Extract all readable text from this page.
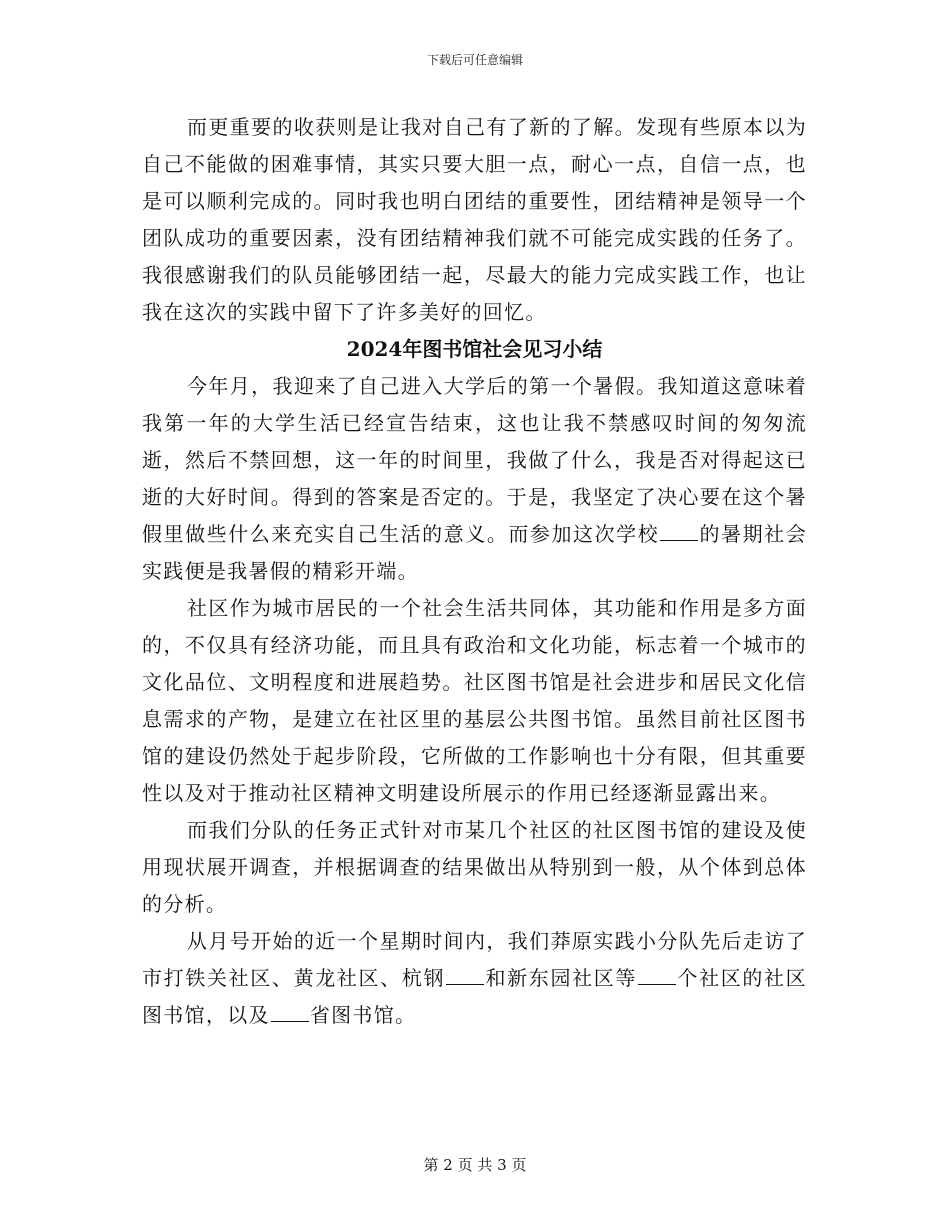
下载后可任意编辑

而更重要的收获则是让我对自己有了新的了解。发现有些原本以为自己不能做的困难事情，其实只要大胆一点，耐心一点，自信一点，也是可以顺利完成的。同时我也明白团结的重要性，团结精神是领导一个团队成功的重要因素，没有团结精神我们就不可能完成实践的任务了。我很感谢我们的队员能够团结一起，尽最大的能力完成实践工作，也让我在这次的实践中留下了许多美好的回忆。

2024年图书馆社会见习小结

今年月，我迎来了自己进入大学后的第一个暑假。我知道这意味着我第一年的大学生活已经宣告结束，这也让我不禁感叹时间的匆匆流逝，然后不禁回想，这一年的时间里，我做了什么，我是否对得起这已逝的大好时间。得到的答案是否定的。于是，我坚定了决心要在这个暑假里做些什么来充实自己生活的意义。而参加这次学校 的暑期社会实践便是我暑假的精彩开端。

社区作为城市居民的一个社会生活共同体，其功能和作用是多方面的，不仅具有经济功能，而且具有政治和文化功能，标志着一个城市的文化品位、文明程度和进展趋势。社区图书馆是社会进步和居民文化信息需求的产物，是建立在社区里的基层公共图书馆。虽然目前社区图书馆的建设仍然处于起步阶段，它所做的工作影响也十分有限，但其重要性以及对于推动社区精神文明建设所展示的作用已经逐渐显露出来。

而我们分队的任务正式针对市某几个社区的社区图书馆的建设及使用现状展开调查，并根据调查的结果做出从特别到一般，从个体到总体的分析。

从月号开始的近一个星期时间内，我们莽原实践小分队先后走访了市打铁关社区、黄龙社区、杭钢 和新东园社区等 个社区的社区图书馆，以及 省图书馆。

第 2 页 共 3 页
